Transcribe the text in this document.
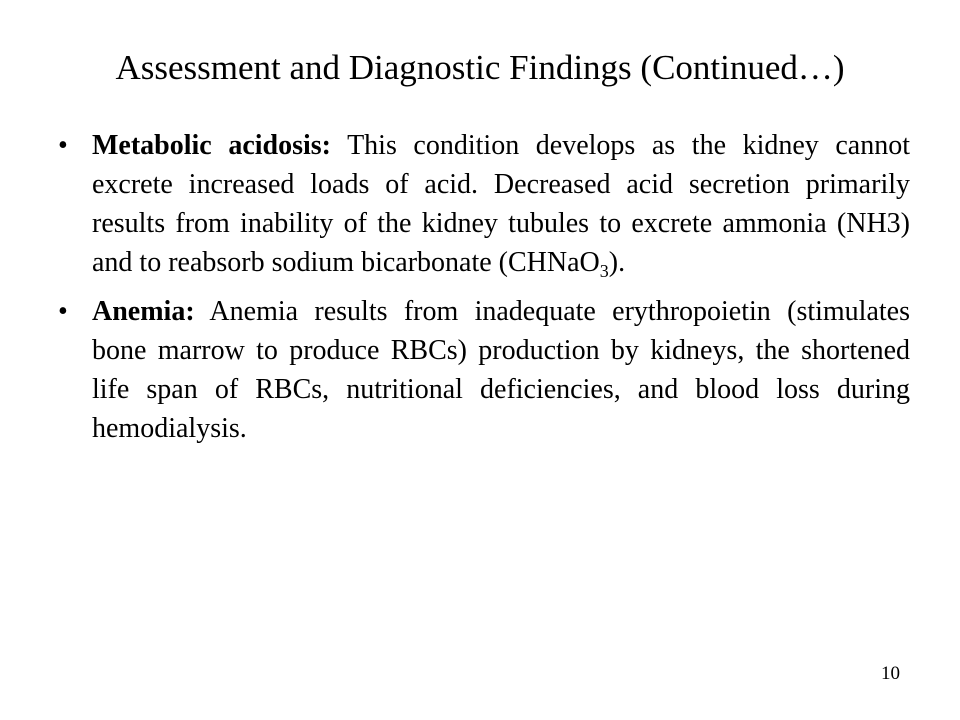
Assessment and Diagnostic Findings (Continued…)
• Metabolic acidosis: This condition develops as the kidney cannot excrete increased loads of acid. Decreased acid secretion primarily results from inability of the kidney tubules to excrete ammonia (NH3) and to reabsorb sodium bicarbonate (CHNaO$_3$).
• Anemia: Anemia results from inadequate erythropoietin (stimulates bone marrow to produce RBCs) production by kidneys, the shortened life span of RBCs, nutritional deficiencies, and blood loss during hemodialysis.
10
